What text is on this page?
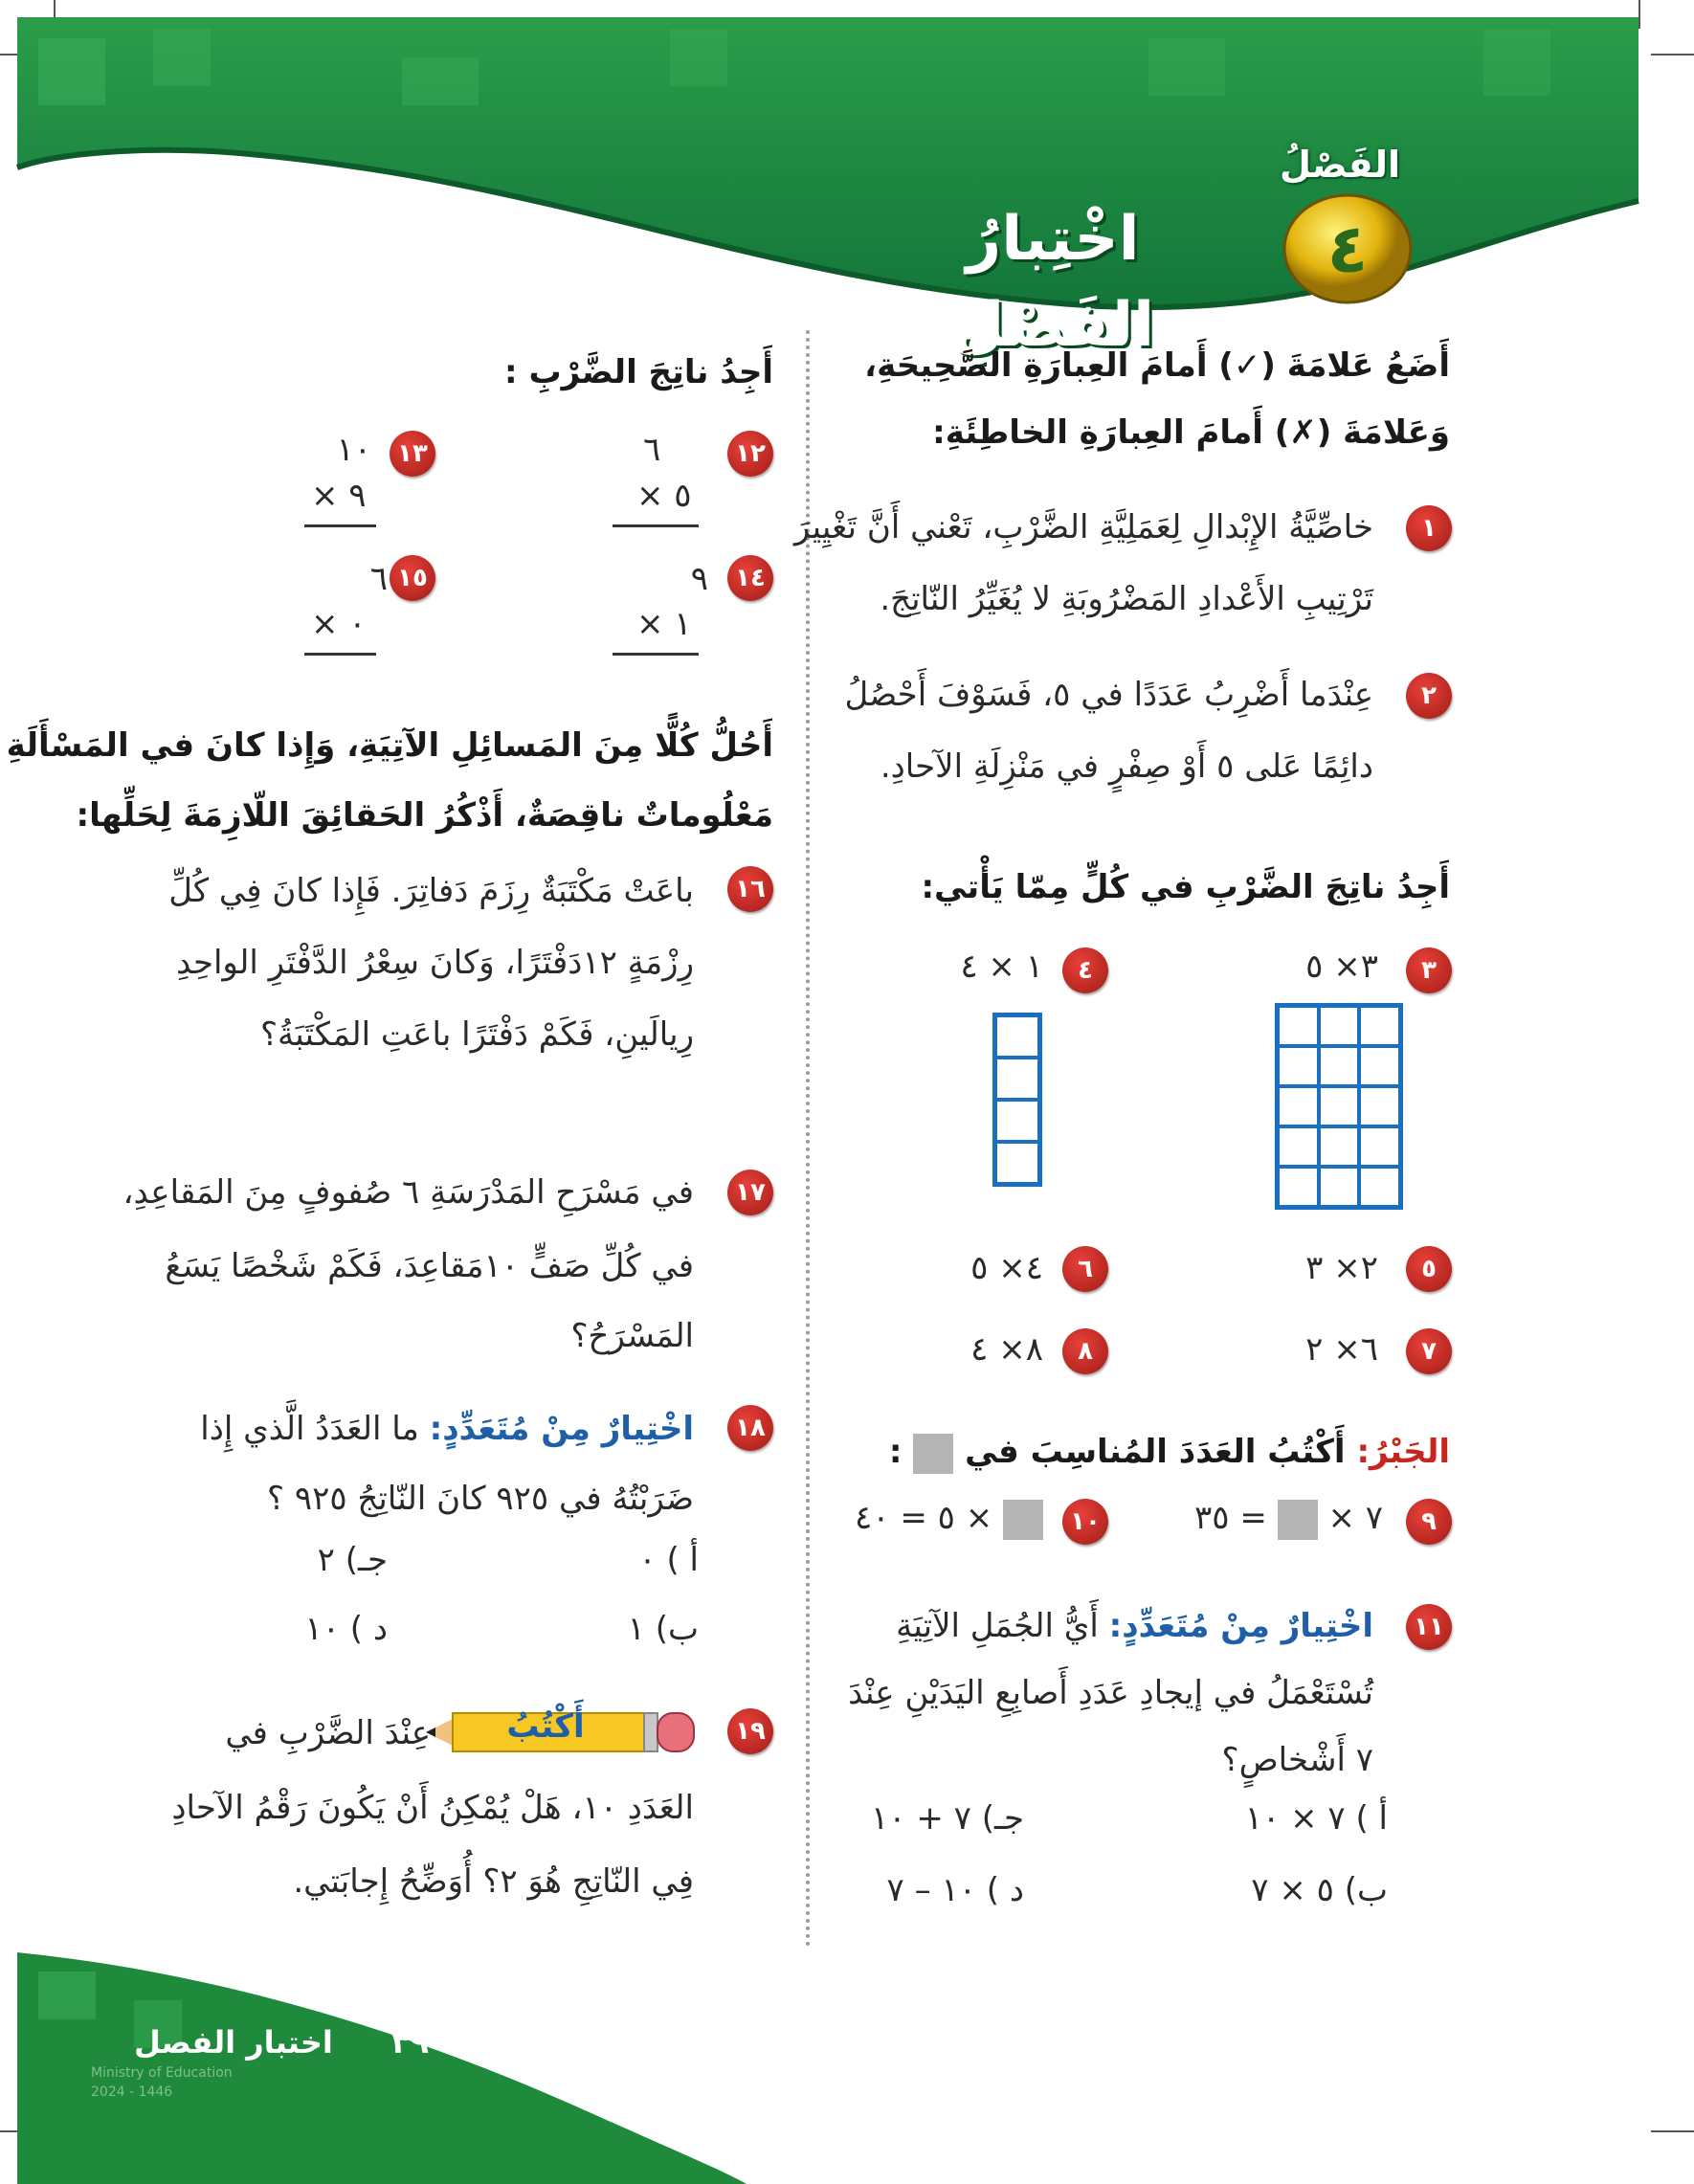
الفَصْلُ
٤
اخْتِبارُ الفَصْلِ
أَضَعُ عَلامَةَ (✓) أَمامَ العِبارَةِ الصَّحِيحَةِ،
وَعَلامَةَ (✗) أَمامَ العِبارَةِ الخاطِئَةِ:
١
خاصِّيَّةُ الإِبْدالِ لِعَمَلِيَّةِ الضَّرْبِ، تَعْني أَنَّ تَغْيِيرَ
تَرْتِيبِ الأَعْدادِ المَضْرُوبَةِ لا يُغَيِّرُ النّاتِجَ.
٢
عِنْدَما أَضْرِبُ عَدَدًا في ٥، فَسَوْفَ أَحْصُلُ
دائِمًا عَلى ٥ أَوْ صِفْرٍ في مَنْزِلَةِ الآحادِ.
أَجِدُ ناتِجَ الضَّرْبِ في كُلٍّ مِمّا يَأْتي:
٣
٣× ٥
٤
١ × ٤
٥
٢× ٣
٦
٤× ٥
٧
٦× ٢
٨
٨× ٤
الجَبْرُ: أَكْتُبُ العَدَدَ المُناسِبَ في  :
٩
٧ ×  = ٣٥
١٠
× ٥ = ٤٠
١١
اخْتِيارٌ مِنْ مُتَعَدِّدٍ: أَيُّ الجُمَلِ الآتِيَةِ
تُسْتَعْمَلُ في إيجادِ عَدَدِ أَصابِعِ اليَدَيْنِ عِنْدَ
٧ أَشْخاصٍ؟
أ ) ٧ × ١٠
جـ) ٧ + ١٠
ب) ٥ × ٧
د ) ١٠ – ٧
أَجِدُ ناتِجَ الضَّرْبِ :
١٢
٦
× ٥
١٣
١٠
× ٩
١٤
٩
× ١
١٥
٦
× ٠
أَحُلُّ كُلًّا مِنَ المَسائِلِ الآتِيَةِ، وَإِذا كانَ في المَسْأَلَةِ
مَعْلُوماتٌ ناقِصَةٌ، أَذْكُرُ الحَقائِقَ اللّازِمَةَ لِحَلِّها:
١٦
باعَتْ مَكْتَبَةٌ رِزَمَ دَفاتِرَ. فَإِذا كانَ فِي كُلِّ
رِزْمَةٍ ١٢دَفْتَرًا، وَكانَ سِعْرُ الدَّفْتَرِ الواحِدِ
رِيالَينِ، فَكَمْ دَفْتَرًا باعَتِ المَكْتَبَةُ؟
١٧
في مَسْرَحِ المَدْرَسَةِ ٦ صُفوفٍ مِنَ المَقاعِدِ،
في كُلِّ صَفٍّ ١٠مَقاعِدَ، فَكَمْ شَخْصًا يَسَعُ
المَسْرَحُ؟
١٨
اخْتِيارٌ مِنْ مُتَعَدِّدٍ: ما العَدَدُ الَّذي إِذا
ضَرَبْتُهُ في ٩٢٥ كانَ النّاتِجُ ٩٢٥ ؟
أ ) ٠
جـ) ٢
ب) ١
د ) ١٠
١٩
أَكْتُبُ
عِنْدَ الضَّرْبِ في
العَدَدِ ١٠، هَلْ يُمْكِنُ أَنْ يَكُونَ رَقْمُ الآحادِ
فِي النّاتِجِ هُوَ ٢؟ أُوَضِّحُ إِجابَتي.
٣٩ اختبار الفصل
Ministry of Education
2024 - 1446
